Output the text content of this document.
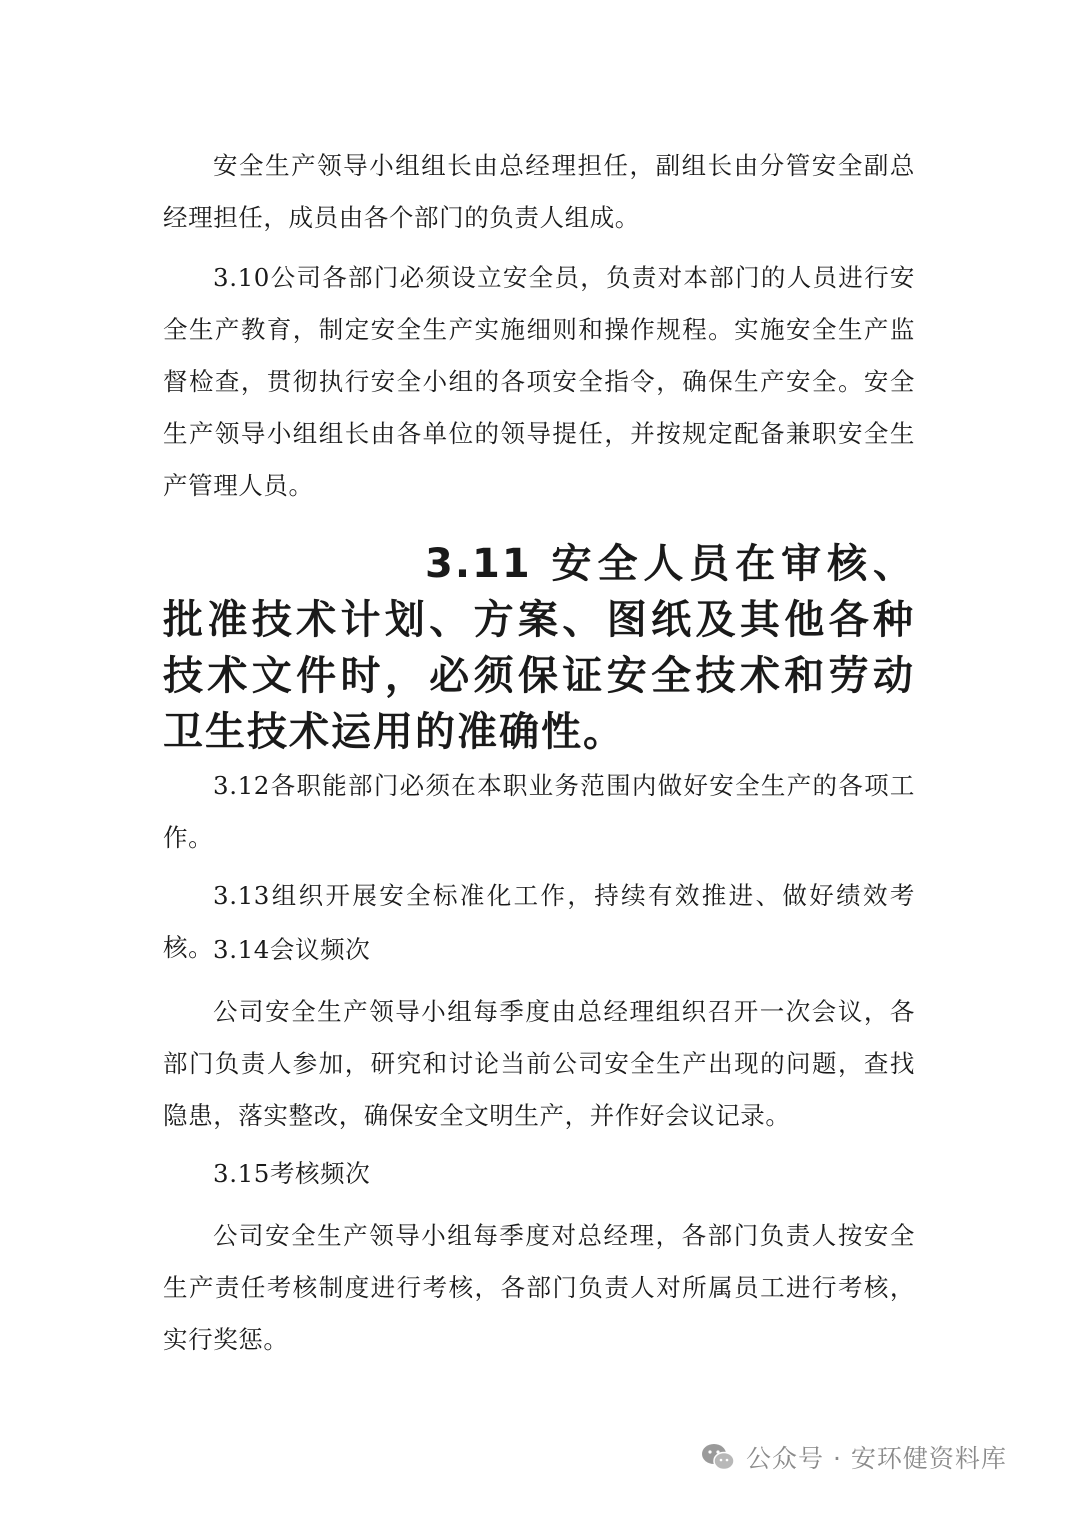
安全生产领导小组组长由总经理担任，副组长由分管安全副总经理担任，成员由各个部门的负责人组成。

3.10公司各部门必须设立安全员，负责对本部门的人员进行安全生产教育，制定安全生产实施细则和操作规程。实施安全生产监督检查，贯彻执行安全小组的各项安全指令，确保生产安全。安全生产领导小组组长由各单位的领导提任，并按规定配备兼职安全生产管理人员。

3.11 安全人员在审核、批准技术计划、方案、图纸及其他各种技术文件时，必须保证安全技术和劳动卫生技术运用的准确性。

3.12各职能部门必须在本职业务范围内做好安全生产的各项工作。

3.13组织开展安全标准化工作，持续有效推进、做好绩效考核。 3.14会议频次

公司安全生产领导小组每季度由总经理组织召开一次会议，各部门负责人参加，研究和讨论当前公司安全生产出现的问题，查找隐患，落实整改，确保安全文明生产，并作好会议记录。

3.15考核频次

公司安全生产领导小组每季度对总经理，各部门负责人按安全生产责任考核制度进行考核，各部门负责人对所属员工进行考核，实行奖惩。

公众号 · 安环健资料库
